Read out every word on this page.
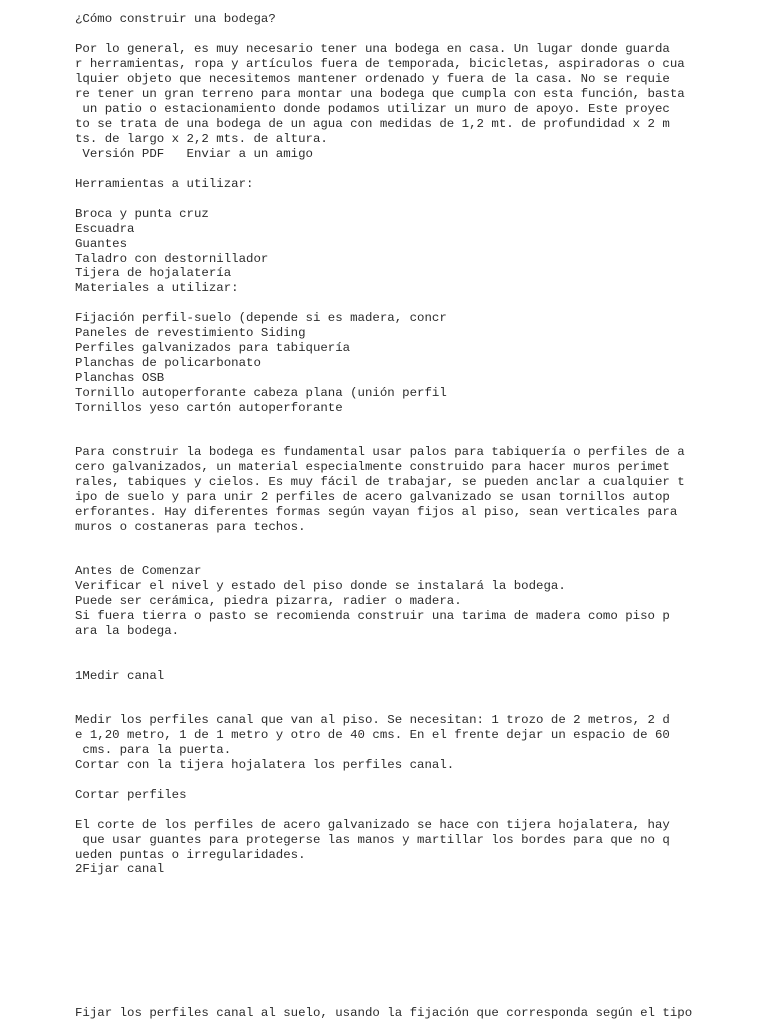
¿Cómo construir una bodega?

Por lo general, es muy necesario tener una bodega en casa. Un lugar donde guarda

r herramientas, ropa y artículos fuera de temporada, bicicletas, aspiradoras o cua

lquier objeto que necesitemos mantener ordenado y fuera de la casa. No se requie

re tener un gran terreno para montar una bodega que cumpla con esta función, basta

un patio o estacionamiento donde podamos utilizar un muro de apoyo. Este proyec

to se trata de una bodega de un agua con medidas de 1,2 mt. de profundidad x 2 m

ts. de largo x 2,2 mts. de altura.

Versión PDF   Enviar a un amigo

Herramientas a utilizar:

Broca y punta cruz

Escuadra

Guantes

Taladro con destornillador

Tijera de hojalatería

Materiales a utilizar:

Fijación perfil-suelo (depende si es madera, concr

Paneles de revestimiento Siding

Perfiles galvanizados para tabiquería

Planchas de policarbonato

Planchas OSB

Tornillo autoperforante cabeza plana (unión perfil

Tornillos yeso cartón autoperforante

Para construir la bodega es fundamental usar palos para tabiquería o perfiles de a

cero galvanizados, un material especialmente construido para hacer muros perimet

rales, tabiques y cielos. Es muy fácil de trabajar, se pueden anclar a cualquier t

ipo de suelo y para unir 2 perfiles de acero galvanizado se usan tornillos autop

erforantes. Hay diferentes formas según vayan fijos al piso, sean verticales para

muros o costaneras para techos.

Antes de Comenzar

Verificar el nivel y estado del piso donde se instalará la bodega.

Puede ser cerámica, piedra pizarra, radier o madera.

Si fuera tierra o pasto se recomienda construir una tarima de madera como piso p

ara la bodega.

1Medir canal

Medir los perfiles canal que van al piso. Se necesitan: 1 trozo de 2 metros, 2 d

e 1,20 metro, 1 de 1 metro y otro de 40 cms. En el frente dejar un espacio de 60

cms. para la puerta.

Cortar con la tijera hojalatera los perfiles canal.

Cortar perfiles

El corte de los perfiles de acero galvanizado se hace con tijera hojalatera, hay

que usar guantes para protegerse las manos y martillar los bordes para que no q

ueden puntas o irregularidades.

2Fijar canal

Fijar los perfiles canal al suelo, usando la fijación que corresponda según el tipo
